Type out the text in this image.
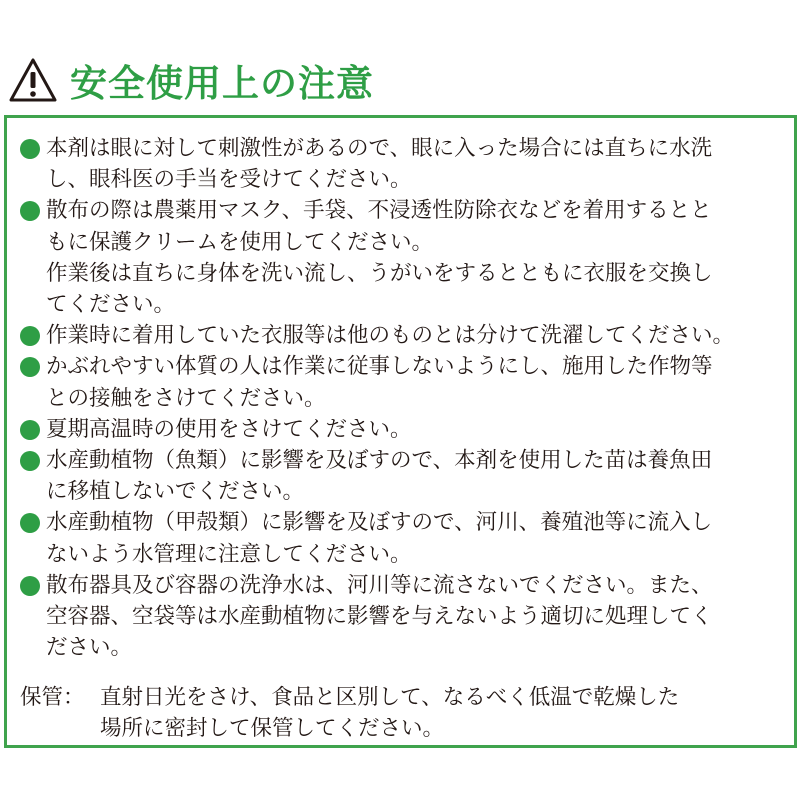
安全使用上の注意
本剤は眼に対して刺激性があるので、眼に入った場合には直ちに水洗
し、眼科医の手当を受けてください。
散布の際は農薬用マスク、手袋、不浸透性防除衣などを着用するとと
もに保護クリームを使用してください。
作業後は直ちに身体を洗い流し、うがいをするとともに衣服を交換し
てください。
作業時に着用していた衣服等は他のものとは分けて洗濯してください。
かぶれやすい体質の人は作業に従事しないようにし、施用した作物等
との接触をさけてください。
夏期高温時の使用をさけてください。
水産動植物（魚類）に影響を及ぼすので、本剤を使用した苗は養魚田
に移植しないでください。
水産動植物（甲殻類）に影響を及ぼすので、河川、養殖池等に流入し
ないよう水管理に注意してください。
散布器具及び容器の洗浄水は、河川等に流さないでください。また、
空容器、空袋等は水産動植物に影響を与えないよう適切に処理してく
ださい。
保管： 直射日光をさけ、食品と区別して、なるべく低温で乾燥した
場所に密封して保管してください。
